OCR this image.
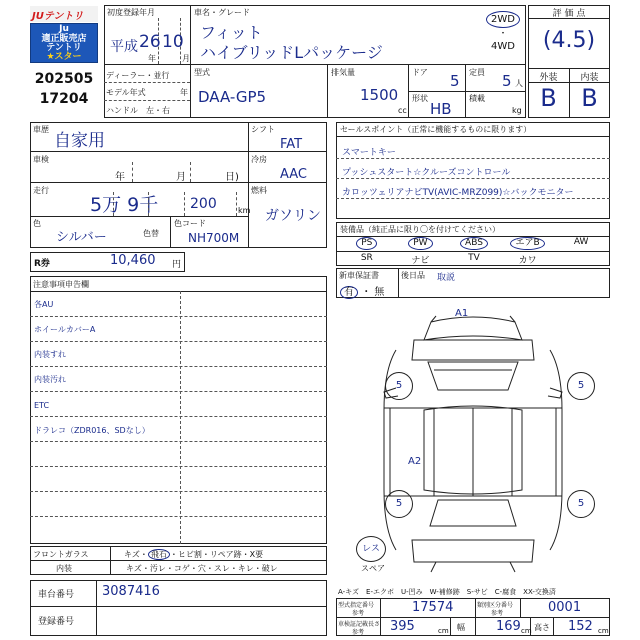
JUテントリ
Ju
適正販売店
テントリ
★スター
202505
17204
初度登録年月
平成 26 10
年	月
車名・グレード
フィット
ハイブリッドLパッケージ
2WD
・
4WD
ディーラー・並行
モデル年式	年
ハンドル　左・右
型式
DAA-GP5
排気量
1500
cc
ドア 5 定員 5 人
形状
HB
積載
kg
評 価 点
(4.5)
外装	内装
B	B
車歴
自家用
車検
年	月	日)
走行
5万 9千 200	km
色
シルバー	色替
色コード
NH700M
シフト
FAT
冷房
AAC
燃料
ガソリン
R券	10,460 円
セールスポイント（正常に機能するものに限ります）
スマートキー
プッシュスタート☆クルーズコントロール
カロッツェリアナビTV(AVIC-MRZ099)☆バックモニター
装備品（純正品に限り〇を付けてください）
PS	PW	ABS	エアB	AW
SR	ナビ	TV	カワ
新車保証書
有 ・ 無
後日品 取説
注意事項申告欄
各AU
ホイールカバーA
内装すれ
内装汚れ
ETC
ドラレコ（ZDR016、SDなし）
A1
A2
5	5
5	5
レス
スペア
フロントガラス	キズ・ 飛石 ・ヒビ割・リペア跡・X要
内装	キズ・汚レ・コゲ・穴・スレ・キレ・破レ
A-キズ　E-エクボ　U-凹み　W-補修跡　S-サビ　C-腐食　XX-交換済
車台番号 3087416
登録番号
型式指定番号
参考	17574	類別区分番号
参考	0001
車検証記載長さ
参考 395	cm 幅 169 cm 高さ 152 cm
